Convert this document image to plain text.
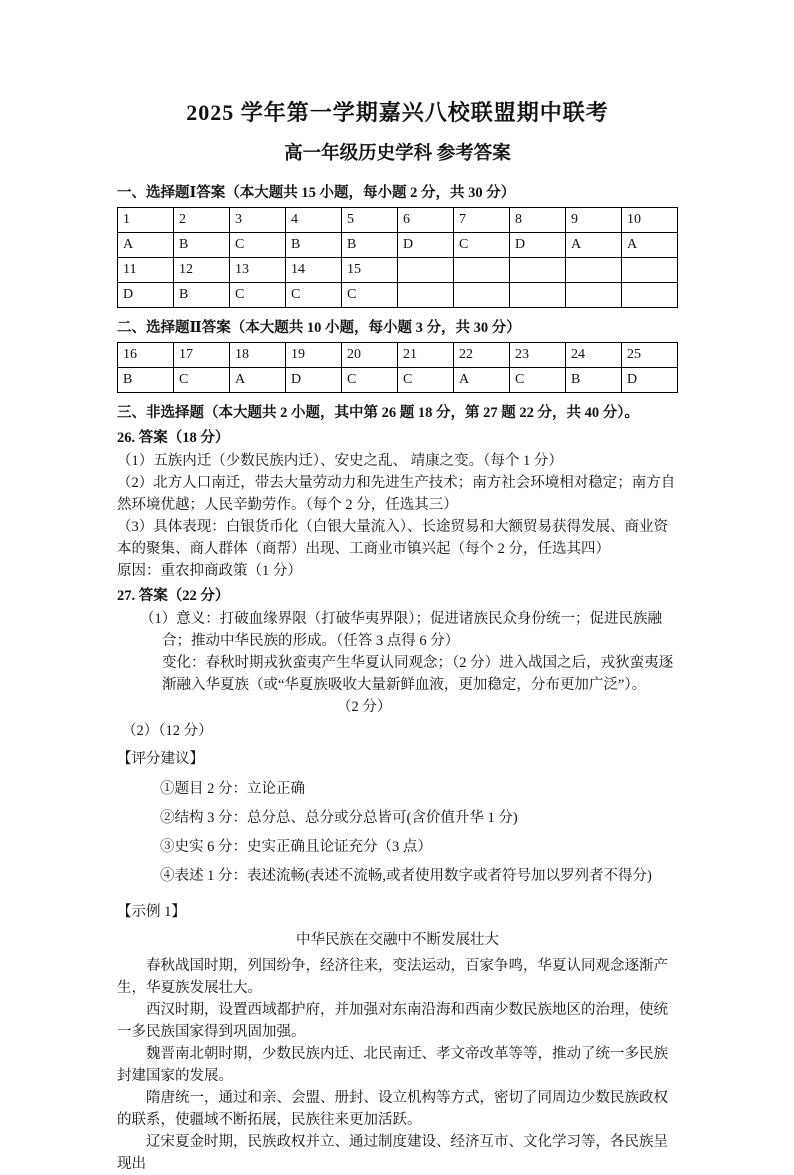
2025 学年第一学期嘉兴八校联盟期中联考
高一年级历史学科 参考答案
一、选择题Ⅰ答案（本大题共 15 小题，每小题 2 分，共 30 分）
1	2	3	4	5	6	7	8	9	10
A	B	C	B	B	D	C	D	A	A
11	12	13	14	15					
D	B	C	C	C					
二、选择题Ⅱ答案（本大题共 10 小题，每小题 3 分，共 30 分）
16	17	18	19	20	21	22	23	24	25
B	C	A	D	C	C	A	C	B	D
三、非选择题（本大题共 2 小题，其中第 26 题 18 分，第 27 题 22 分，共 40 分）。
26. 答案（18 分）

（1）五族内迁（少数民族内迁）、安史之乱、 靖康之变。（每个 1 分）

（2）北方人口南迁，带去大量劳动力和先进生产技术；南方社会环境相对稳定；南方自然环境优越；人民辛勤劳作。（每个 2 分，任选其三）

（3）具体表现：白银货币化（白银大量流入）、长途贸易和大额贸易获得发展、商业资本的聚集、商人群体（商帮）出现、工商业市镇兴起（每个 2 分，任选其四）

原因：重农抑商政策（1 分）

27. 答案（22 分）

（1）意义：打破血缘界限（打破华夷界限）；促进诸族民众身份统一；促进民族融合；推动中华民族的形成。（任答 3 点得 6 分）

变化：春秋时期戎狄蛮夷产生华夏认同观念；（2 分）进入战国之后，戎狄蛮夷逐渐融入华夏族（或“华夏族吸收大量新鲜血液，更加稳定，分布更加广泛”）。

（2 分）

（2）（12 分）

【评分建议】

①题目 2 分：立论正确

②结构 3 分：总分总、总分或分总皆可(含价值升华 1 分)

③史实 6 分：史实正确且论证充分（3 点）

④表述 1 分：表述流畅(表述不流畅,或者使用数字或者符号加以罗列者不得分)

【示例 1】

中华民族在交融中不断发展壮大

春秋战国时期，列国纷争，经济往来，变法运动，百家争鸣，华夏认同观念逐渐产生，华夏族发展壮大。

西汉时期，设置西域都护府，并加强对东南沿海和西南少数民族地区的治理，使统一多民族国家得到巩固加强。

魏晋南北朝时期，少数民族内迁、北民南迁、孝文帝改革等等，推动了统一多民族封建国家的发展。

隋唐统一，通过和亲、会盟、册封、设立机构等方式，密切了同周边少数民族政权的联系，使疆域不断拓展，民族往来更加活跃。

辽宋夏金时期，民族政权并立、通过制度建设、经济互市、文化学习等，各民族呈现出
